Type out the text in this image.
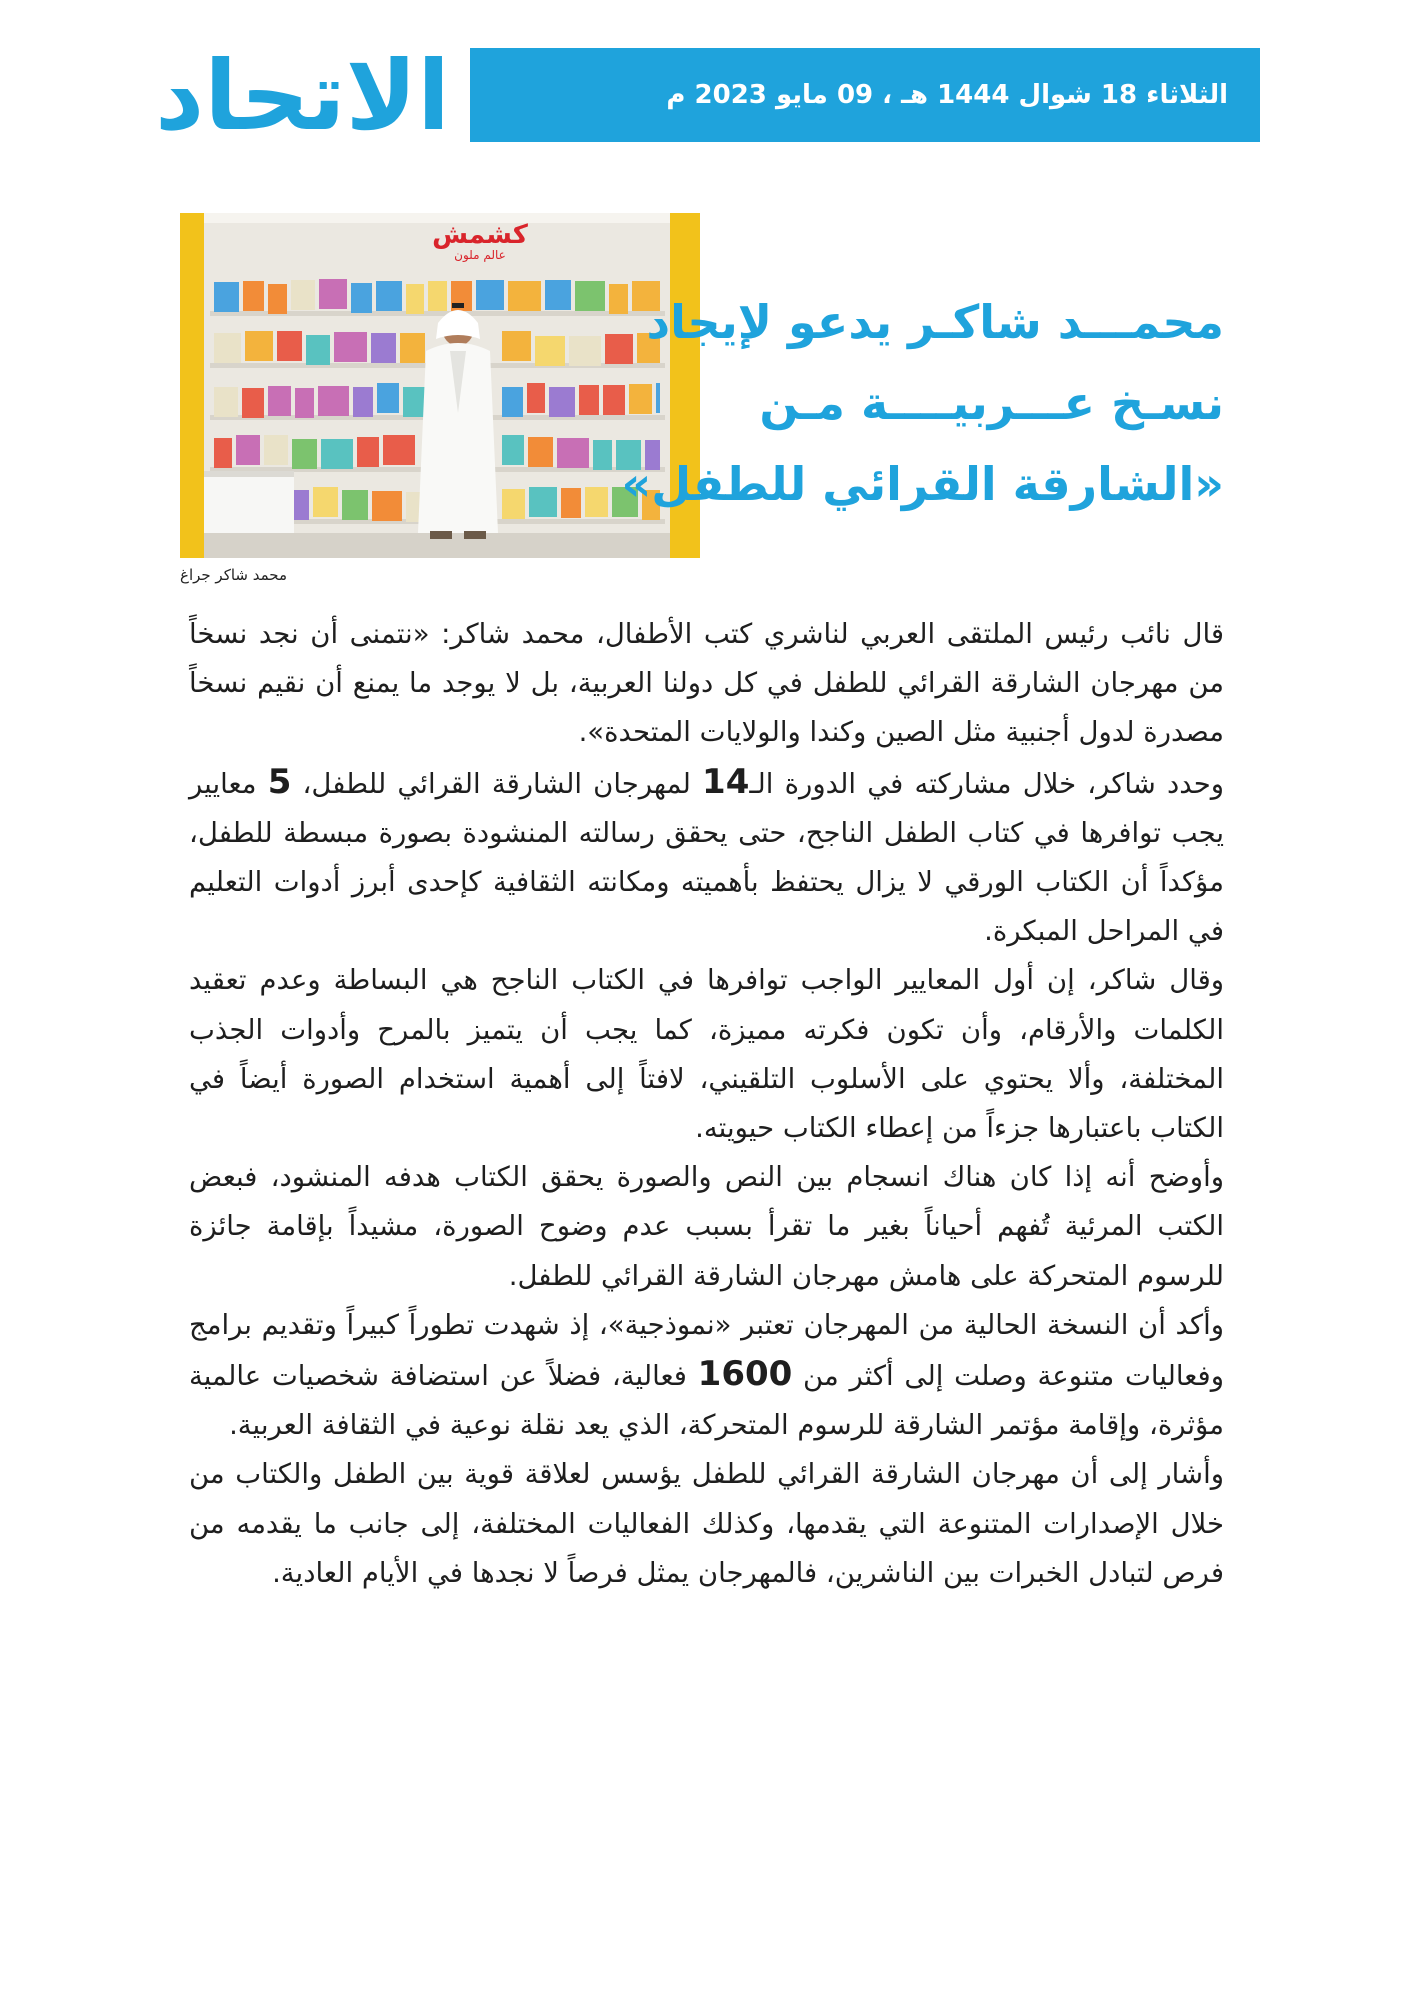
الاتحاد	الثلاثاء 18 شوال 1444 هـ ، 09 مايو 2023 م
كشمش
عالم ملون
محمد شاكر جراغ
محمـــد شاكـر يدعو لإيجاد
نسـخ عـــربيــــة مـن
«الشارقة القرائي للطفل»

قال نائب رئيس الملتقى العربي لناشري كتب الأطفال، محمد شاكر: «نتمنى أن نجد نسخاً من مهرجان الشارقة القرائي للطفل في كل دولنا العربية، بل لا يوجد ما يمنع أن نقيم نسخاً مصدرة لدول أجنبية مثل الصين وكندا والولايات المتحدة».

وحدد شاكر، خلال مشاركته في الدورة الـ14 لمهرجان الشارقة القرائي للطفل، 5 معايير يجب توافرها في كتاب الطفل الناجح، حتى يحقق رسالته المنشودة بصورة مبسطة للطفل، مؤكداً أن الكتاب الورقي لا يزال يحتفظ بأهميته ومكانته الثقافية كإحدى أبرز أدوات التعليم في المراحل المبكرة.

وقال شاكر، إن أول المعايير الواجب توافرها في الكتاب الناجح هي البساطة وعدم تعقيد الكلمات والأرقام، وأن تكون فكرته مميزة، كما يجب أن يتميز بالمرح وأدوات الجذب المختلفة، وألا يحتوي على الأسلوب التلقيني، لافتاً إلى أهمية استخدام الصورة أيضاً في الكتاب باعتبارها جزءاً من إعطاء الكتاب حيويته.

وأوضح أنه إذا كان هناك انسجام بين النص والصورة يحقق الكتاب هدفه المنشود، فبعض الكتب المرئية تُفهم أحياناً بغير ما تقرأ بسبب عدم وضوح الصورة، مشيداً بإقامة جائزة للرسوم المتحركة على هامش مهرجان الشارقة القرائي للطفل.

وأكد أن النسخة الحالية من المهرجان تعتبر «نموذجية»، إذ شهدت تطوراً كبيراً وتقديم برامج وفعاليات متنوعة وصلت إلى أكثر من 1600 فعالية، فضلاً عن استضافة شخصيات عالمية مؤثرة، وإقامة مؤتمر الشارقة للرسوم المتحركة، الذي يعد نقلة نوعية في الثقافة العربية.

وأشار إلى أن مهرجان الشارقة القرائي للطفل يؤسس لعلاقة قوية بين الطفل والكتاب من خلال الإصدارات المتنوعة التي يقدمها، وكذلك الفعاليات المختلفة، إلى جانب ما يقدمه من فرص لتبادل الخبرات بين الناشرين، فالمهرجان يمثل فرصاً لا نجدها في الأيام العادية.
